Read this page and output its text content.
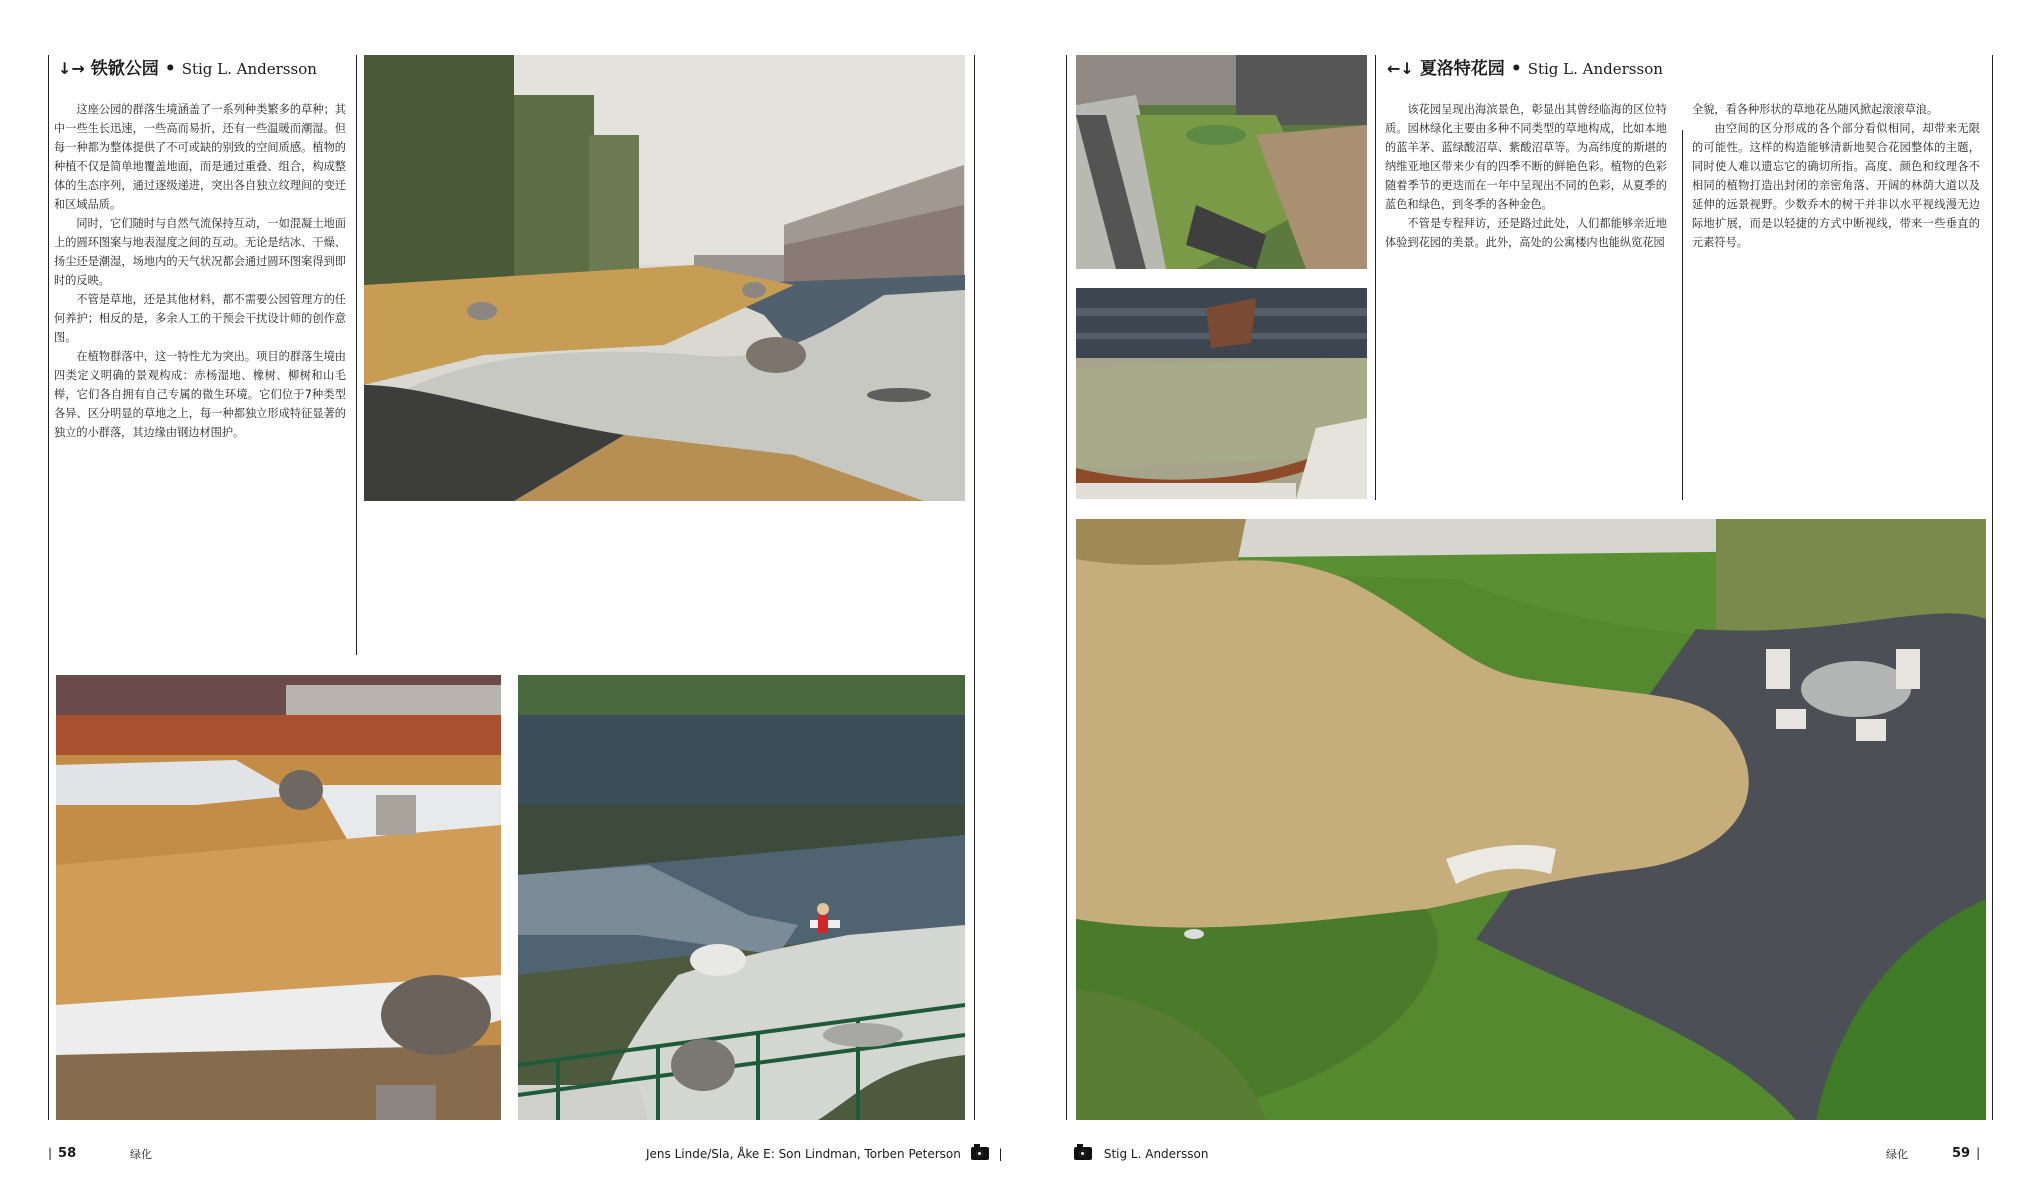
↓→ 铁锨公园 • Stig L. Andersson

这座公园的群落生境涵盖了一系列种类繁多的草种；其中一些生长迅速，一些高而易折，还有一些温暖而潮湿。但每一种都为整体提供了不可或缺的别致的空间质感。植物的种植不仅是简单地覆盖地面，而是通过重叠、组合，构成整体的生态序列，通过逐级递进，突出各自独立纹理间的变迁和区域品质。

同时，它们随时与自然气流保持互动，一如混凝土地面上的圆环图案与地表湿度之间的互动。无论是结冰、干燥、扬尘还是潮湿，场地内的天气状况都会通过圆环图案得到即时的反映。

不管是草地，还是其他材料，都不需要公园管理方的任何养护；相反的是，多余人工的干预会干扰设计师的创作意图。

在植物群落中，这一特性尤为突出。项目的群落生境由四类定义明确的景观构成：赤杨湿地、橡树、柳树和山毛榉，它们各自拥有自己专属的微生环境。它们位于7种类型各异、区分明显的草地之上，每一种都独立形成特征显著的独立的小群落，其边缘由钢边材围护。

| 58	绿化	Jens Linde/Sla, Åke E: Son Lindman, Torben Peterson	|
←↓ 夏洛特花园 • Stig L. Andersson

该花园呈现出海滨景色，彰显出其曾经临海的区位特质。园林绿化主要由多种不同类型的草地构成，比如本地的蓝羊茅、蓝绿酸沼草、紫酸沼草等。为高纬度的斯堪的纳维亚地区带来少有的四季不断的鲜艳色彩。植物的色彩随着季节的更迭而在一年中呈现出不同的色彩，从夏季的蓝色和绿色，到冬季的各种金色。

不管是专程拜访，还是路过此处，人们都能够亲近地体验到花园的美景。此外，高处的公寓楼内也能纵览花园

全貌，看各种形状的草地花丛随风掀起滚滚草浪。

由空间的区分形成的各个部分看似相同，却带来无限的可能性。这样的构造能够清新地契合花园整体的主题，同时使人难以遗忘它的确切所指。高度、颜色和纹理各不相同的植物打造出封闭的亲密角落、开阔的林荫大道以及延伸的远景视野。少数乔木的树干并非以水平视线漫无边际地扩展，而是以轻捷的方式中断视线，带来一些垂直的元素符号。

Stig L. Andersson	绿化	59 |
